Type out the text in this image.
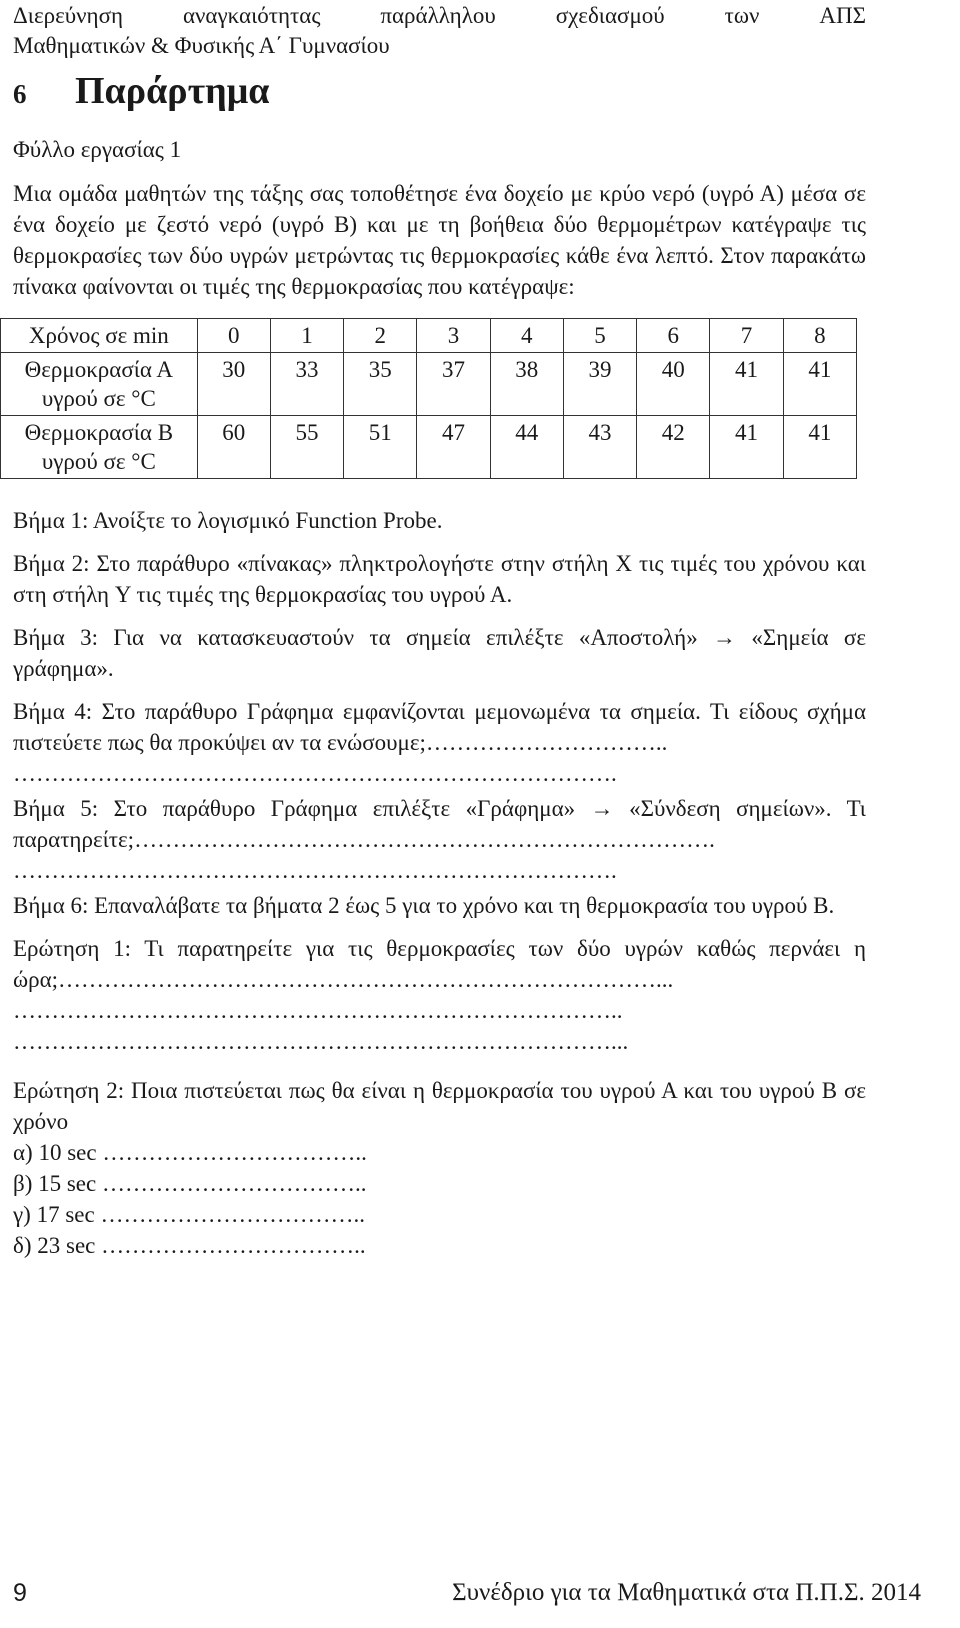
Διερεύνηση	αναγκαιότητας	παράλληλου	σχεδιασμού	των	ΑΠΣ
Μαθηματικών & Φυσικής Α΄ Γυμνασίου
6	Παράρτημα
Φύλλο εργασίας 1

Μια ομάδα μαθητών της τάξης σας τοποθέτησε ένα δοχείο με κρύο νερό (υγρό Α) μέσα σε ένα δοχείο με ζεστό νερό (υγρό Β) και με τη βοήθεια δύο θερμομέτρων κατέγραψε τις θερμοκρασίες των δύο υγρών μετρώντας τις θερμοκρασίες κάθε ένα λεπτό. Στον παρακάτω πίνακα φαίνονται οι τιμές της θερμοκρασίας που κατέγραψε:

Χρόνος σε min	0	1	2	3	4	5	6	7	8
Θερμοκρασία Α υγρού σε °C	30	33	35	37	38	39	40	41	41
Θερμοκρασία Β υγρού σε °C	60	55	51	47	44	43	42	41	41

Βήμα 1: Ανοίξτε το λογισμικό Function Probe.

Βήμα 2: Στο παράθυρο «πίνακας» πληκτρολογήστε στην στήλη X τις τιμές του χρόνου και στη στήλη Y τις τιμές της θερμοκρασίας του υγρού Α.

Βήμα 3: Για να κατασκευαστούν τα σημεία επιλέξτε «Αποστολή» → «Σημεία σε γράφημα».

Βήμα 4: Στο παράθυρο Γράφημα εμφανίζονται μεμονωμένα τα σημεία. Τι είδους σχήμα πιστεύετε πως θα προκύψει αν τα ενώσουμε;…………………………..

…………………………………………………………………….

Βήμα 5: Στο παράθυρο Γράφημα επιλέξτε «Γράφημα» → «Σύνδεση σημείων». Τι παρατηρείτε;………………………………………………………………….

…………………………………………………………………….

Βήμα 6: Επαναλάβατε τα βήματα 2 έως 5 για το χρόνο και τη θερμοκρασία του υγρού Β.

Ερώτηση 1: Τι παρατηρείτε για τις θερμοκρασίες των δύο υγρών καθώς περνάει η ώρα;……………………………………………………………………...

……………………………………………………………………..
……………………………………………………………………...

Ερώτηση 2: Ποια πιστεύεται πως θα είναι η θερμοκρασία του υγρού Α και του υγρού Β σε χρόνο

α) 10 sec ……………………………..
β) 15 sec ……………………………..
γ) 17 sec ……………………………..
δ) 23 sec ……………………………..
9	Συνέδριο για τα Μαθηματικά στα Π.Π.Σ. 2014
